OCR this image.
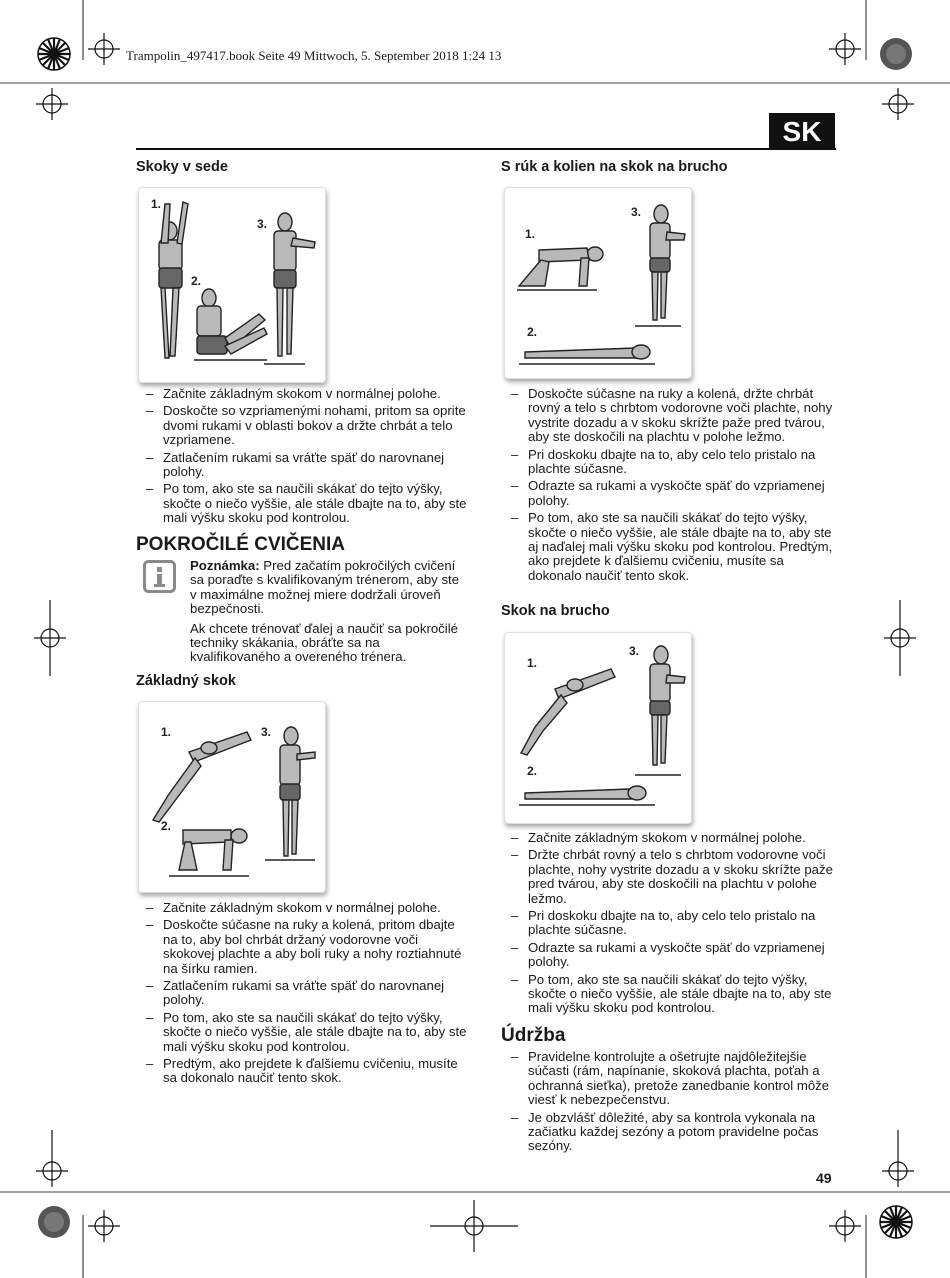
Trampolin_497417.book Seite 49 Mittwoch, 5. September 2018 1:24 13
SK
Skoky v sede
1.
2.
3.
– Začnite základným skokom v normálnej polohe.
– Doskočte so vzpriamenými nohami, pritom sa oprite dvomi rukami v oblasti bokov a držte chrbát a telo vzpriamene.
– Zatlačením rukami sa vráťte späť do narovnanej polohy.
– Po tom, ako ste sa naučili skákať do tejto výšky, skočte o niečo vyššie, ale stále dbajte na to, aby ste mali výšku skoku pod kontrolou.
POKROČILÉ CVIČENIA

Poznámka: Pred začatím pokročilých cvičení sa poraďte s kvalifikovaným trénerom, aby ste v maximálne možnej miere dodržali úroveň bezpečnosti.

Ak chcete trénovať ďalej a naučiť sa pokročilé techniky skákania, obráťte sa na kvalifikovaného a overeného trénera.

Základný skok
1.
2.
3.
– Začnite základným skokom v normálnej polohe.
– Doskočte súčasne na ruky a kolená, pritom dbajte na to, aby bol chrbát držaný vodorovne voči skokovej plachte a aby boli ruky a nohy roztiahnuté na šírku ramien.
– Zatlačením rukami sa vráťte späť do narovnanej polohy.
– Po tom, ako ste sa naučili skákať do tejto výšky, skočte o niečo vyššie, ale stále dbajte na to, aby ste mali výšku skoku pod kontrolou.
– Predtým, ako prejdete k ďalšiemu cvičeniu, musíte sa dokonalo naučiť tento skok.
S rúk a kolien na skok na brucho
1.
2.
3.
– Doskočte súčasne na ruky a kolená, držte chrbát rovný a telo s chrbtom vodorovne voči plachte, nohy vystrite dozadu a v skoku skrížte paže pred tvárou, aby ste doskočili na plachtu v polohe ležmo.
– Pri doskoku dbajte na to, aby celo telo pristalo na plachte súčasne.
– Odrazte sa rukami a vyskočte späť do vzpriamenej polohy.
– Po tom, ako ste sa naučili skákať do tejto výšky, skočte o niečo vyššie, ale stále dbajte na to, aby ste aj naďalej mali výšku skoku pod kontrolou. Predtým, ako prejdete k ďalšiemu cvičeniu, musíte sa dokonalo naučiť tento skok.
Skok na brucho
1.
2.
3.
– Začnite základným skokom v normálnej polohe.
– Držte chrbát rovný a telo s chrbtom vodorovne voči plachte, nohy vystrite dozadu a v skoku skrížte paže pred tvárou, aby ste doskočili na plachtu v polohe ležmo.
– Pri doskoku dbajte na to, aby celo telo pristalo na plachte súčasne.
– Odrazte sa rukami a vyskočte späť do vzpriamenej polohy.
– Po tom, ako ste sa naučili skákať do tejto výšky, skočte o niečo vyššie, ale stále dbajte na to, aby ste mali výšku skoku pod kontrolou.
Údržba
– Pravidelne kontrolujte a ošetrujte najdôležitejšie súčasti (rám, napínanie, skoková plachta, poťah a ochranná sieťka), pretože zanedbanie kontrol môže viesť k nebezpečenstvu.
– Je obzvlášť dôležité, aby sa kontrola vykonala na začiatku každej sezóny a potom pravidelne počas sezóny.
49
